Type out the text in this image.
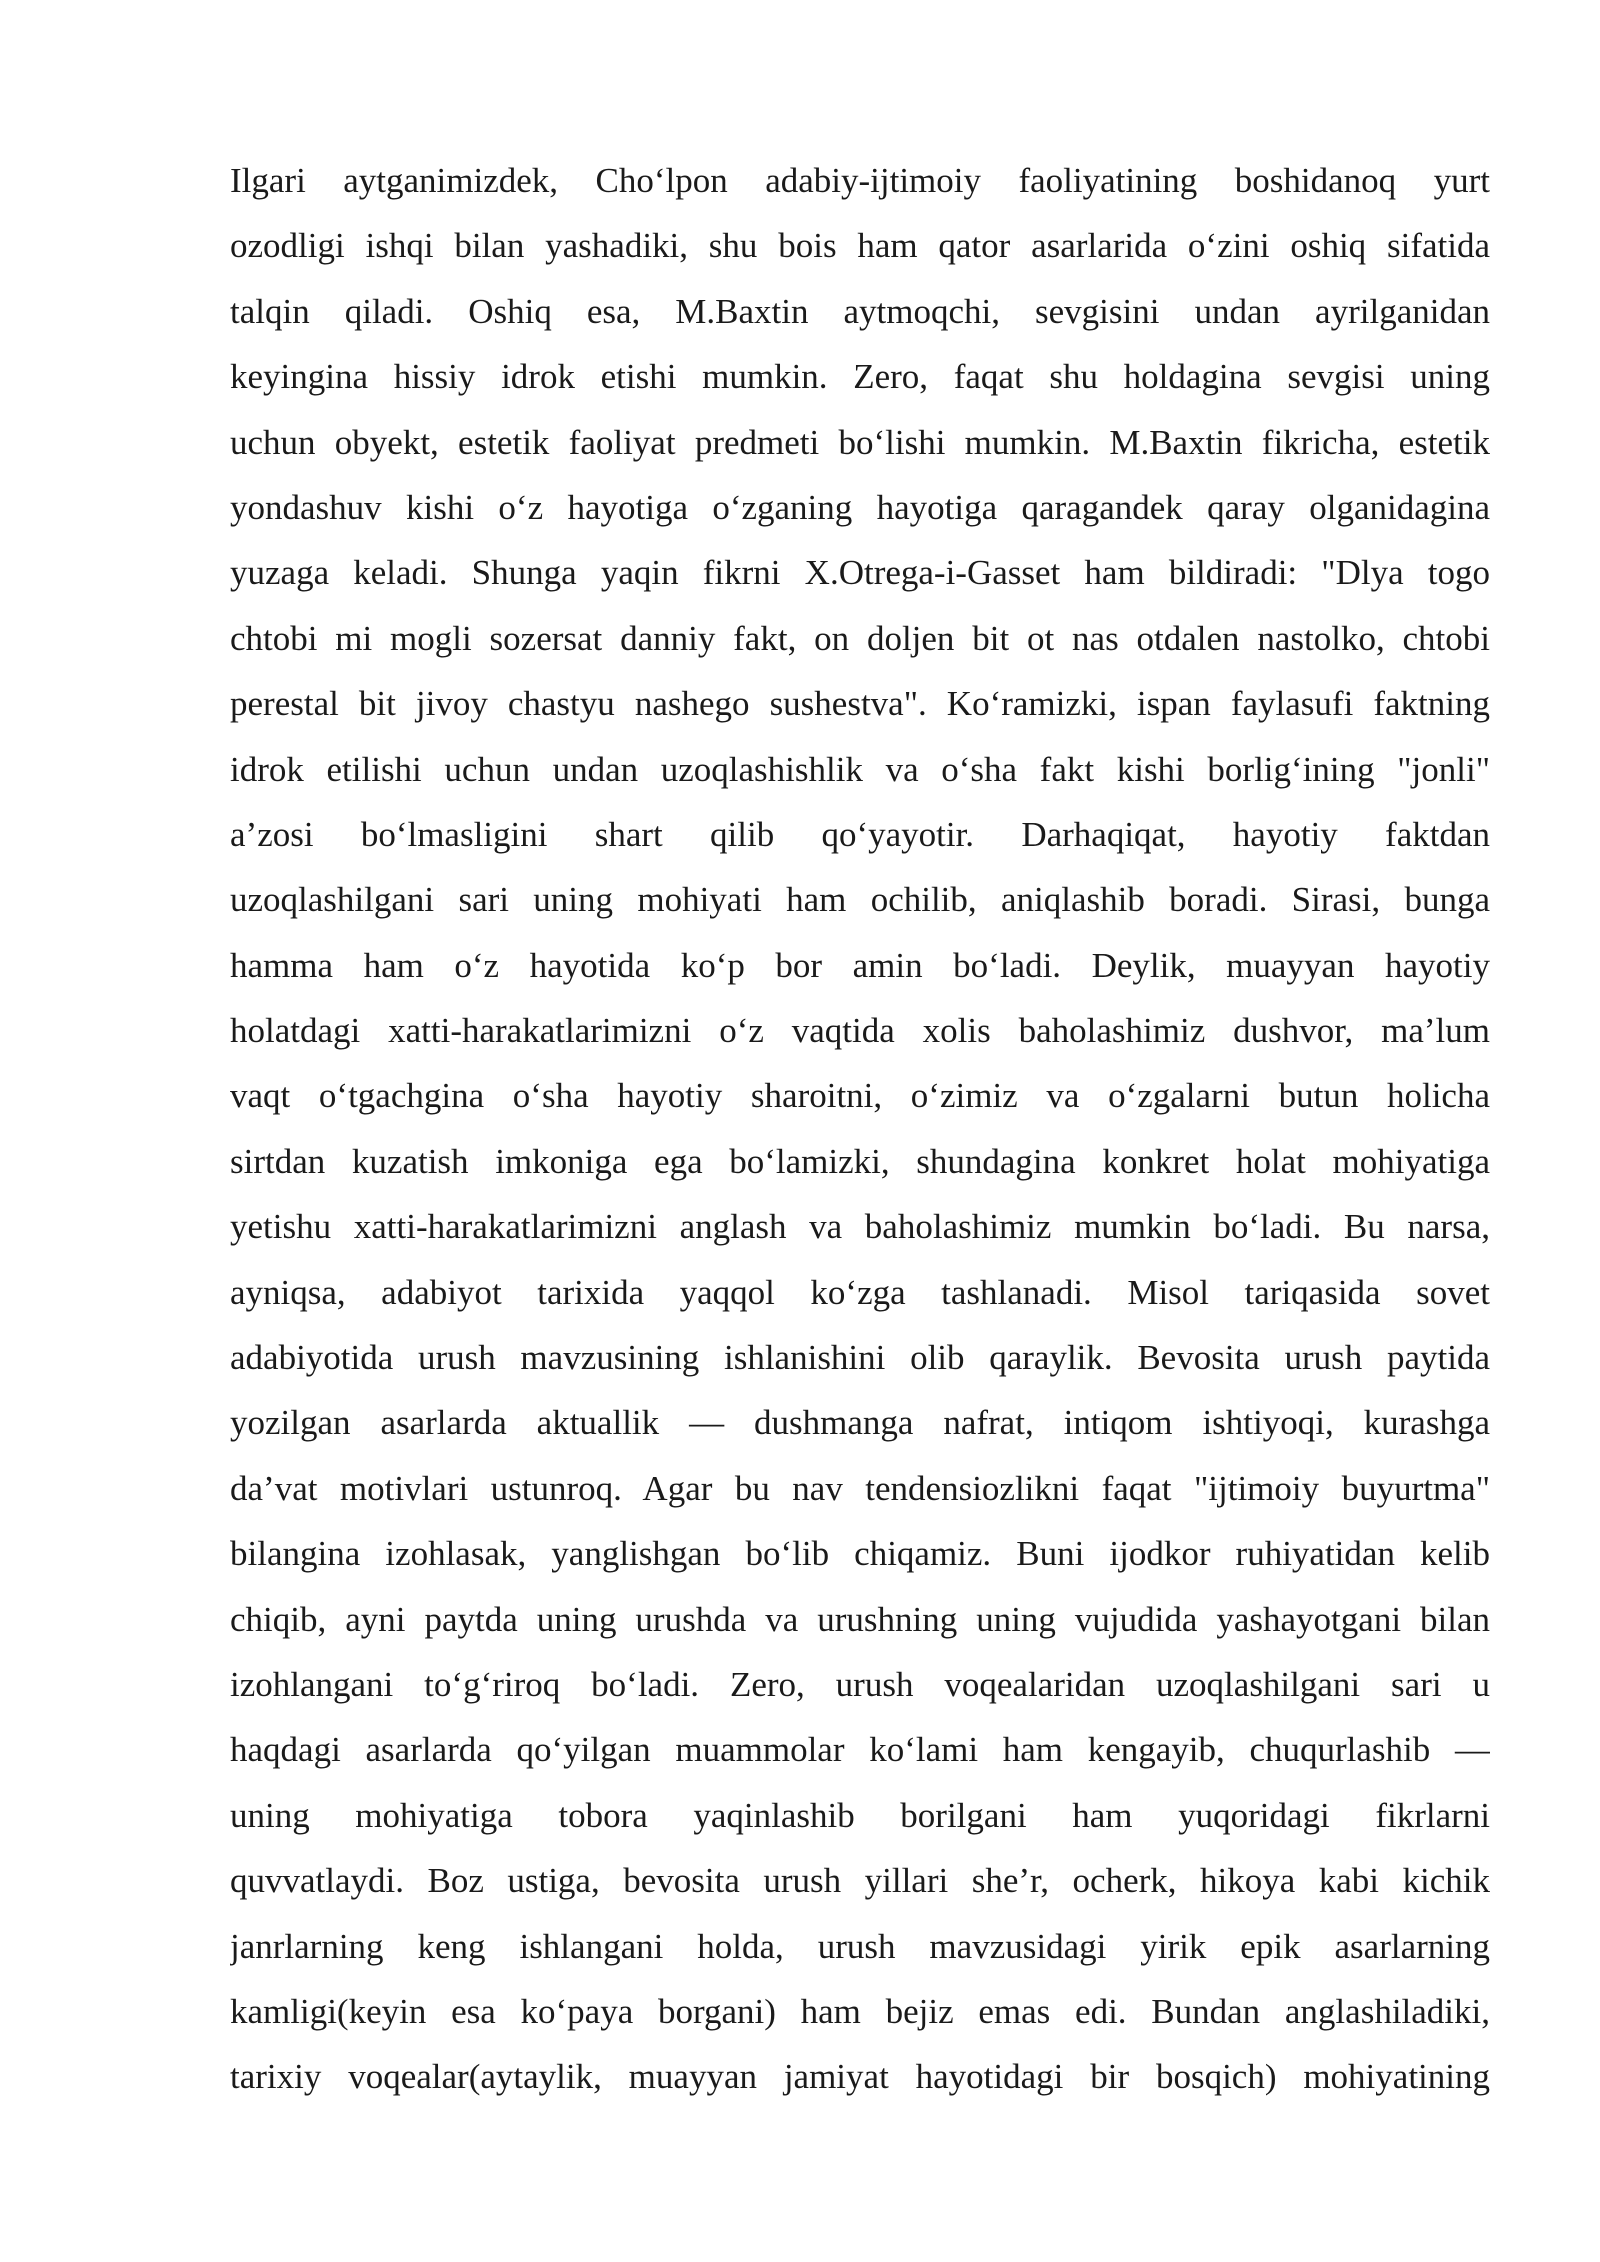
Ilgari aytganimizdek, Cho‘lpon adabiy-ijtimoiy faoliyatining boshidanoq yurt
ozodligi ishqi bilan yashadiki, shu bois ham qator asarlarida o‘zini oshiq sifatida
talqin qiladi. Oshiq esa, M.Baxtin aytmoqchi, sevgisini undan ayrilganidan
keyingina hissiy idrok etishi mumkin. Zero, faqat shu holdagina sevgisi uning
uchun obyekt, estetik faoliyat predmeti bo‘lishi mumkin. M.Baxtin fikricha, estetik
yondashuv kishi o‘z hayotiga o‘zganing hayotiga qaragandek qaray olganidagina
yuzaga keladi. Shunga yaqin fikrni X.Otrega-i-Gasset ham bildiradi: "Dlya togo
chtobi mi mogli sozersat danniy fakt, on doljen bit ot nas otdalen nastolko, chtobi
perestal bit jivoy chastyu nashego sushestva". Ko‘ramizki, ispan faylasufi faktning
idrok etilishi uchun undan uzoqlashishlik va o‘sha fakt kishi borlig‘ining "jonli"
a’zosi bo‘lmasligini shart qilib qo‘yayotir. Darhaqiqat, hayotiy faktdan
uzoqlashilgani sari uning mohiyati ham ochilib, aniqlashib boradi. Sirasi, bunga
hamma ham o‘z hayotida ko‘p bor amin bo‘ladi. Deylik, muayyan hayotiy
holatdagi xatti-harakatlarimizni o‘z vaqtida xolis baholashimiz dushvor, ma’lum
vaqt o‘tgachgina o‘sha hayotiy sharoitni, o‘zimiz va o‘zgalarni butun holicha
sirtdan kuzatish imkoniga ega bo‘lamizki, shundagina konkret holat mohiyatiga
yetishu xatti-harakatlarimizni anglash va baholashimiz mumkin bo‘ladi. Bu narsa,
ayniqsa, adabiyot tarixida yaqqol ko‘zga tashlanadi. Misol tariqasida sovet
adabiyotida urush mavzusining ishlanishini olib qaraylik. Bevosita urush paytida
yozilgan asarlarda aktuallik — dushmanga nafrat, intiqom ishtiyoqi, kurashga
da’vat motivlari ustunroq. Agar bu nav tendensiozlikni faqat "ijtimoiy buyurtma"
bilangina izohlasak, yanglishgan bo‘lib chiqamiz. Buni ijodkor ruhiyatidan kelib
chiqib, ayni paytda uning urushda va urushning uning vujudida yashayotgani bilan
izohlangani to‘g‘riroq bo‘ladi. Zero, urush voqealaridan uzoqlashilgani sari u
haqdagi asarlarda qo‘yilgan muammolar ko‘lami ham kengayib, chuqurlashib —
uning mohiyatiga tobora yaqinlashib borilgani ham yuqoridagi fikrlarni
quvvatlaydi. Boz ustiga, bevosita urush yillari she’r, ocherk, hikoya kabi kichik
janrlarning keng ishlangani holda, urush mavzusidagi yirik epik asarlarning
kamligi(keyin esa ko‘paya borgani) ham bejiz emas edi. Bundan anglashiladiki,
tarixiy voqealar(aytaylik, muayyan jamiyat hayotidagi bir bosqich) mohiyatining
